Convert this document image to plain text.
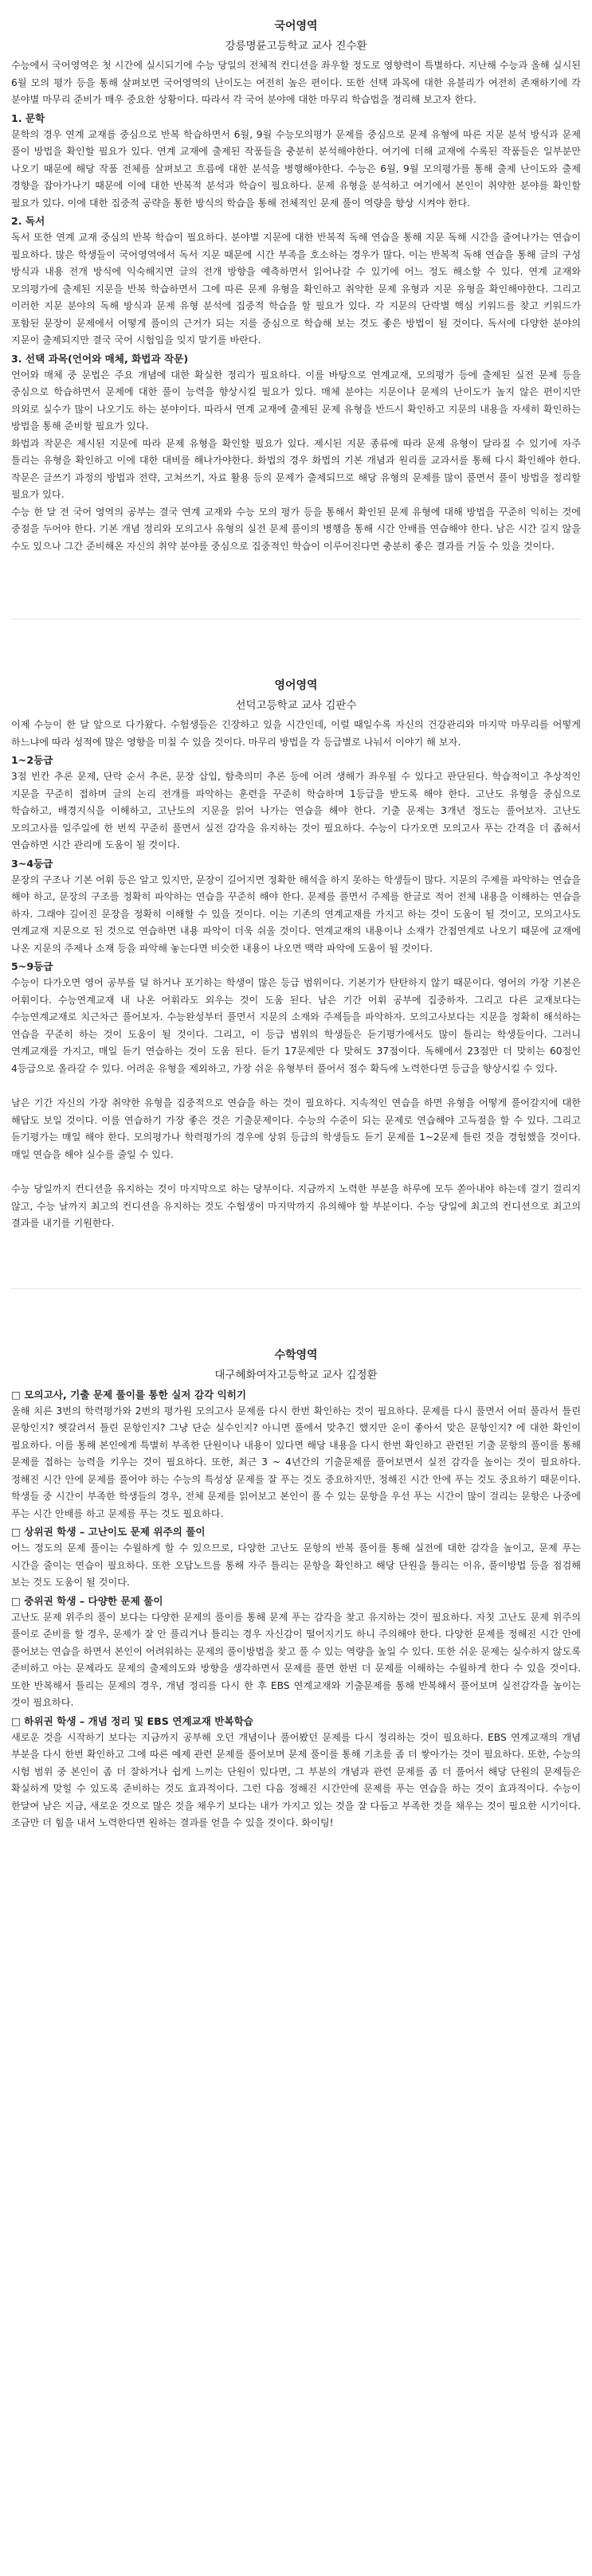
국어영역
강릉명륜고등학교 교사 진수환

수능에서 국어영역은 첫 시간에 실시되기에 수능 당일의 전체적 컨디션을 좌우할 정도로 영향력이 특별하다. 지난해 수능과 올해 실시된 6월 모의 평가 등을 통해 살펴보면 국어영역의 난이도는 여전히 높은 편이다. 또한 선택 과목에 대한 유불리가 여전히 존재하기에 각 분야별 마무리 준비가 매우 중요한 상황이다. 따라서 각 국어 분야에 대한 마무리 학습법을 정리해 보고자 한다.

1. 문학

문학의 경우 연계 교재를 중심으로 반복 학습하면서 6월, 9월 수능모의평가 문제를 중심으로 문제 유형에 따른 지문 분석 방식과 문제 풀이 방법을 확인할 필요가 있다. 연계 교재에 출제된 작품들을 충분히 분석해야한다. 여기에 더해 교재에 수록된 작품들은 일부분만 나오기 때문에 해당 작품 전체를 살펴보고 흐름에 대한 분석을 병행해야한다. 수능은 6월, 9월 모의평가를 통해 출제 난이도와 출제 경향을 잡아가나기 때문에 이에 대한 반복적 분석과 학습이 필요하다. 문제 유형을 분석하고 여기에서 본인이 취약한 분야를 확인할 필요가 있다. 이에 대한 집중적 공략을 통한 방식의 학습을 통해 전체적인 문제 풀이 역량을 향상 시켜야 한다.

2. 독서

독서 또한 연계 교재 중심의 반복 학습이 필요하다. 분야별 지문에 대한 반복적 독해 연습을 통해 지문 독해 시간을 줄여나가는 연습이 필요하다. 많은 학생들이 국어영역에서 독서 지문 때문에 시간 부족을 호소하는 경우가 많다. 이는 반복적 독해 연습을 통해 글의 구성 방식과 내용 전개 방식에 익숙해지면 글의 전개 방향을 예측하면서 읽어나갈 수 있기에 어느 정도 해소할 수 있다. 연계 교재와 모의평가에 출제된 지문을 반복 학습하면서 그에 따른 문제 유형을 확인하고 취약한 문제 유형과 지문 유형을 확인해야한다. 그리고 이러한 지문 분야의 독해 방식과 문제 유형 분석에 집중적 학습을 할 필요가 있다. 각 지문의 단락별 핵심 키워드를 찾고 키워드가 포함된 문장이 문제에서 어떻게 풀이의 근거가 되는 지를 중심으로 학습해 보는 것도 좋은 방법이 될 것이다. 독서에 다양한 분야의 지문이 출제되지만 결국 국어 시험임을 잊지 말기를 바란다.

3. 선택 과목(언어와 매체, 화법과 작문)

언어와 매체 중 문법은 주요 개념에 대한 확실한 정리가 필요하다. 이를 바탕으로 연계교재, 모의평가 등에 출제된 실전 문제 등을 중심으로 학습하면서 문제에 대한 풀이 능력을 향상시킬 필요가 있다. 매체 분야는 지문이나 문제의 난이도가 높지 않은 편이지만 의외로 실수가 많이 나오기도 하는 분야이다. 따라서 연계 교재에 출제된 문제 유형을 반드시 확인하고 지문의 내용을 자세히 확인하는 방법을 통해 준비할 필요가 있다.

화법과 작문은 제시된 지문에 따라 문제 유형을 확인할 필요가 있다. 제시된 지문 종류에 따라 문제 유형이 달라질 수 있기에 자주 틀리는 유형을 확인하고 이에 대한 대비를 해나가야한다. 화법의 경우 화법의 기본 개념과 원리를 교과서를 통해 다시 확인해야 한다. 작문은 글쓰기 과정의 방법과 전략, 고쳐쓰기, 자료 활용 등의 문제가 출제되므로 해당 유형의 문제를 많이 풀면서 풀이 방법을 정리할 필요가 있다.

수능 한 달 전 국어 영역의 공부는 결국 연계 교재와 수능 모의 평가 등을 통해서 확인된 문제 유형에 대해 방법을 꾸준히 익히는 것에 중점을 두어야 한다. 기본 개념 정리와 모의고사 유형의 실전 문제 풀이의 병행을 통해 시간 안배를 연습해야 한다. 남은 시간 길지 않을 수도 있으나 그간 준비해온 자신의 취약 분야를 중심으로 집중적인 학습이 이루어진다면 충분히 좋은 결과를 거둘 수 있을 것이다.

영어영역
선덕고등학교 교사 김판수

이제 수능이 한 달 앞으로 다가왔다. 수험생들은 긴장하고 있을 시간인데, 이럴 때일수록 자신의 건강관리와 마지막 마무리를 어떻게 하느냐에 따라 성적에 많은 영향을 미칠 수 있을 것이다. 마무리 방법을 각 등급별로 나눠서 이야기 해 보자.

1~2등급

3점 빈칸 추론 문제, 단락 순서 추론, 문장 삽입, 함축의미 추론 등에 어려 생해가 좌우될 수 있다고 판단된다. 학습적이고 추상적인 지문을 꾸준히 접하며 글의 논리 전개를 파악하는 훈련을 꾸준히 학습하며 1등급을 받도록 해야 한다. 고난도 유형을 중심으로 학습하고, 배경지식을 이해하고, 고난도의 지문을 읽어 나가는 연습을 해야 한다. 기출 문제는 3개년 정도는 풀어보자. 고난도 모의고사를 일주일에 한 번씩 꾸준히 풀면서 실전 감각을 유지하는 것이 필요하다. 수능이 다가오면 모의고사 푸는 간격을 더 좁혀서 연습하면 시간 관리에 도움이 될 것이다.

3~4등급

문장의 구조나 기본 어휘 등은 알고 있지만, 문장이 길어지면 정확한 해석을 하지 못하는 학생들이 많다. 지문의 주제를 파악하는 연습을 해야 하고, 문장의 구조를 정확히 파악하는 연습을 꾸준히 해야 한다. 문제를 풀면서 주제를 한글로 적어 전체 내용을 이해하는 연습을 하자. 그래야 길어진 문장을 정확히 이해할 수 있을 것이다. 이는 기존의 연계교재를 가지고 하는 것이 도움이 될 것이고, 모의고사도 연계교재 지문으로 된 것으로 연습하면 내용 파악이 더욱 쉬울 것이다. 연계교재의 내용이나 소재가 간접연계로 나오기 때문에 교재에 나온 지문의 주제나 소재 등을 파악해 놓는다면 비슷한 내용이 나오면 맥락 파악에 도움이 될 것이다.

5~9등급

수능이 다가오면 영어 공부를 덜 하거나 포기하는 학생이 많은 등급 범위이다. 기본기가 탄탄하지 않기 때문이다. 영어의 가장 기본은 어휘이다. 수능연계교재 내 나온 어휘라도 외우는 것이 도움 된다. 남은 기간 어휘 공부에 집중하자. 그리고 다른 교재보다는 수능연계교재로 치근차근 풀어보자. 수능완성부터 풀면서 지문의 소재와 주제들을 파악하자. 모의고사보다는 지문을 정확히 해석하는 연습을 꾸준히 하는 것이 도움이 될 것이다. 그리고, 이 등급 범위의 학생들은 듣기평가에서도 많이 틀리는 학생들이다. 그러니 연계교재를 가지고, 매일 듣기 연습하는 것이 도움 된다. 듣기 17문제만 다 맞혀도 37점이다. 독해에서 23점만 더 맞히는 60점인 4등급으로 올라갈 수 있다. 어려운 유형을 제외하고, 가장 쉬운 유형부터 풀어서 점수 확득에 노력한다면 등급을 향상시킬 수 있다.

남은 기간 자신의 가장 취약한 유형을 집중적으로 연습을 하는 것이 필요하다. 지속적인 연습을 하면 유형을 어떻게 풀어갈지에 대한 해답도 보일 것이다. 이를 연습하기 가장 좋은 것은 기출문제이다. 수능의 수준이 되는 문제로 연습해야 고득점을 할 수 있다. 그리고 듣기평가는 매일 해야 한다. 모의평가나 학력평가의 경우에 상위 등급의 학생들도 듣기 문제를 1~2문제 틀린 것을 경험했을 것이다. 매일 연습을 해야 실수를 줄일 수 있다.

수능 당일까지 컨디션을 유지하는 것이 마지막으로 하는 당부이다. 지금까지 노력한 부분을 하루에 모두 쏟아내야 하는데 걸기 걸리지 않고, 수능 날까지 최고의 컨디션을 유지하는 것도 수험생이 마지막까지 유의해야 할 부분이다. 수능 당일에 최고의 컨디션으로 최고의 결과를 내기를 기원한다.

수학영역
대구혜화여자고등학교 교사 김정환
□ 모의고사, 기출 문제 풀이를 통한 실저 감각 익히기

올해 치른 3번의 학력평가와 2번의 평가원 모의고사 문제를 다시 한번 확인하는 것이 필요하다. 문제를 다시 풀면서 어떠 풀라서 틀린 문항인지? 헷갈려서 틀린 문항인지? 그냥 단순 실수인지? 아니면 풀에서 맞추긴 했지만 운이 좋아서 맞은 문항인지? 에 대한 확인이 필요하다. 이를 통해 본인에게 특별히 부족한 단원이나 내용이 있다면 해당 내용을 다시 한번 확인하고 관련된 기출 문항의 풀이를 통해 문제를 접하는 능력을 키우는 것이 필요하다. 또한, 최근 3 ~ 4년간의 기출문제를 풀어보면서 실전 감각을 높이는 것이 필요하다. 정해진 시간 안에 문제를 풀어야 하는 수능의 특성상 문제를 잘 푸는 것도 중요하지만, 정해진 시간 안에 푸는 것도 중요하기 때문이다. 학생들 중 시간이 부족한 학생들의 경우, 전체 문제를 읽어보고 본인이 풀 수 있는 문항을 우선 푸는 시간이 많이 걸리는 문항은 나중에 푸는 시간 안배를 하고 문제를 푸는 것도 필요하다.

□ 상위권 학생 – 고난이도 문제 위주의 풀이

어느 정도의 문제 풀이는 수월하게 할 수 있으므로, 다양한 고난도 문항의 반복 풀이를 통해 실전에 대한 감각을 높이고, 문제 푸는 시간을 줄이는 연습이 필요하다. 또한 오답노트를 통해 자주 틀리는 문항을 확인하고 해당 단원을 틀리는 이유, 풀이방법 등을 점검해 보는 것도 도움이 될 것이다.

□ 중위권 학생 – 다양한 문제 풀이

고난도 문제 위주의 풀이 보다는 다양한 문제의 풀이를 통해 문제 푸는 감각을 찾고 유지하는 것이 필요하다. 자칫 고난도 문제 위주의 풀이로 준비를 할 경우, 문제가 잘 안 풀리거나 틀리는 경우 자신감이 떨어지기도 하니 주의해야 한다. 다양한 문제를 정해진 시간 안에 풀어보는 연습을 하면서 본인이 어려워하는 문제의 풀이방법을 찾고 풀 수 있는 역량을 높일 수 있다. 또한 쉬운 문제는 실수하지 않도록 준비하고 아는 문제라도 문제의 출제의도와 방향을 생각하면서 문제를 풀면 한번 더 문제를 이해하는 수월하게 한다 수 있을 것이다. 또한 반복해서 틀리는 문제의 경우, 개념 정리를 다시 한 후 EBS 연계교재와 기출문제를 통해 반복해서 풀어보며 실전감각을 높이는 것이 필요하다.

□ 하위권 학생 – 개념 정리 및 EBS 연계교재 반복학습

새로운 것을 시작하기 보다는 지금까지 공부해 오던 개념이나 풀어봤던 문제를 다시 정리하는 것이 필요하다. EBS 연계교재의 개념 부분을 다시 한번 확인하고 그에 따른 예제 관련 문제를 풀어보며 문제 풀이를 통해 기초를 좀 더 쌓아가는 것이 필요하다. 또한, 수능의 시험 범위 중 본인이 좀 더 잘하거나 쉽게 느끼는 단원이 있다면, 그 부분의 개념과 관련 문제를 좀 더 풀어서 해당 단원의 문제들은 확실하게 맞힐 수 있도록 준비하는 것도 효과적이다. 그런 다음 정해진 시간안에 문제를 푸는 연습을 하는 것이 효과적이다. 수능이 한달여 남은 지금, 새로운 것으로 많은 것을 채우기 보다는 내가 가지고 있는 것을 잘 다듬고 부족한 것을 채우는 것이 필요한 시기이다. 조금만 더 힘을 내서 노력한다면 원하는 결과를 얻을 수 있을 것이다. 화이팅!
